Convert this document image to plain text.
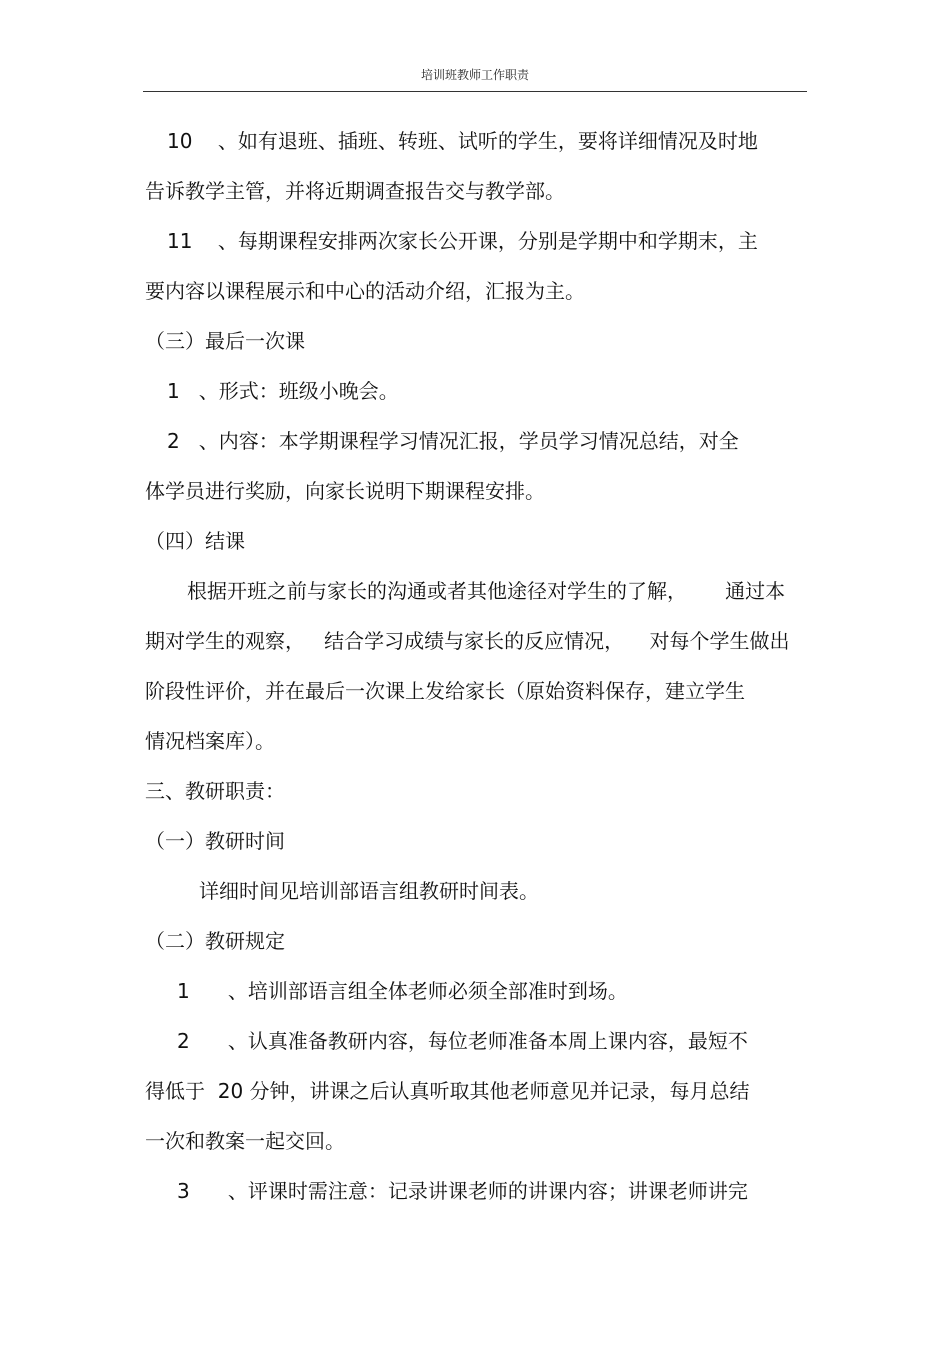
培训班教师工作职责
10    、如有退班、插班、转班、试听的学生，要将详细情况及时地
告诉教学主管，并将近期调查报告交与教学部。
11    、每期课程安排两次家长公开课，分别是学期中和学期末，主
要内容以课程展示和中心的活动介绍，汇报为主。
（三）最后一次课
1   、形式：班级小晚会。
2   、内容：本学期课程学习情况汇报，学员学习情况总结，对全
体学员进行奖励，向家长说明下期课程安排。
（四）结课
根据开班之前与家长的沟通或者其他途径对学生的了解，      通过本
期对学生的观察，   结合学习成绩与家长的反应情况，    对每个学生做出
阶段性评价，并在最后一次课上发给家长（原始资料保存，建立学生
情况档案库）。
三、教研职责：
（一）教研时间
详细时间见培训部语言组教研时间表。
（二）教研规定
1      、培训部语言组全体老师必须全部准时到场。
2      、认真准备教研内容，每位老师准备本周上课内容，最短不
得低于  20 分钟，讲课之后认真听取其他老师意见并记录，每月总结
一次和教案一起交回。
3      、评课时需注意：记录讲课老师的讲课内容；讲课老师讲完
